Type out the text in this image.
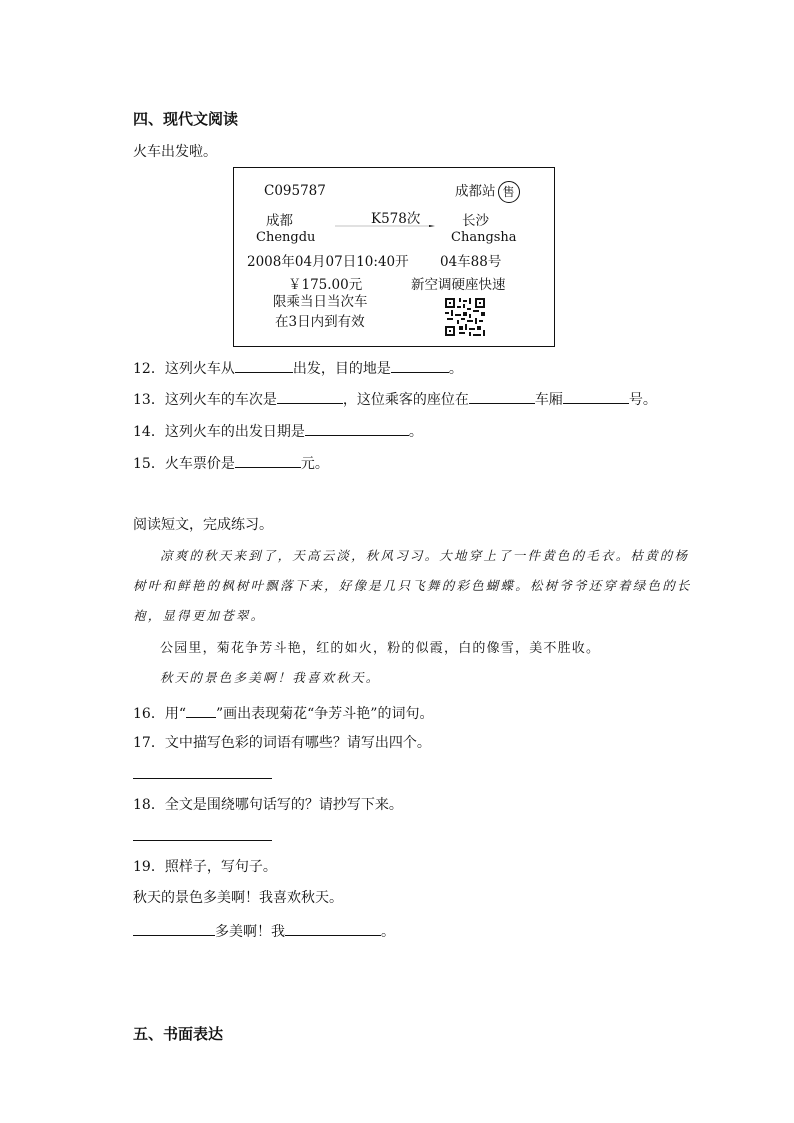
四、现代文阅读
火车出发啦。
C095787	成都站 售
成都
Chengdu
K578次	长沙
Changsha
2008年04月07日10:40开 04车88号
￥175.00元	新空调硬座快速
限乘当日当次车
在3日内到有效
12．这列火车从	出发，目的地是	。
13．这列火车的车次是	，这位乘客的座位在	车厢	号。
14．这列火车的出发日期是	。
15．火车票价是	元。
阅读短文，完成练习。
凉爽的秋天来到了，天高云淡，秋风习习。大地穿上了一件黄色的毛衣。枯黄的杨
树叶和鲜艳的枫树叶飘落下来，好像是几只飞舞的彩色蝴蝶。松树爷爷还穿着绿色的长
袍，显得更加苍翠。
公园里，菊花争芳斗艳，红的如火，粉的似霞，白的像雪，美不胜收。
秋天的景色多美啊！我喜欢秋天。
16．用“ ”画出表现菊花“争芳斗艳”的词句。
17．文中描写色彩的词语有哪些？请写出四个。
18．全文是围绕哪句话写的？请抄写下来。
19．照样子，写句子。
秋天的景色多美啊！我喜欢秋天。
多美啊！我	。
五、书面表达
